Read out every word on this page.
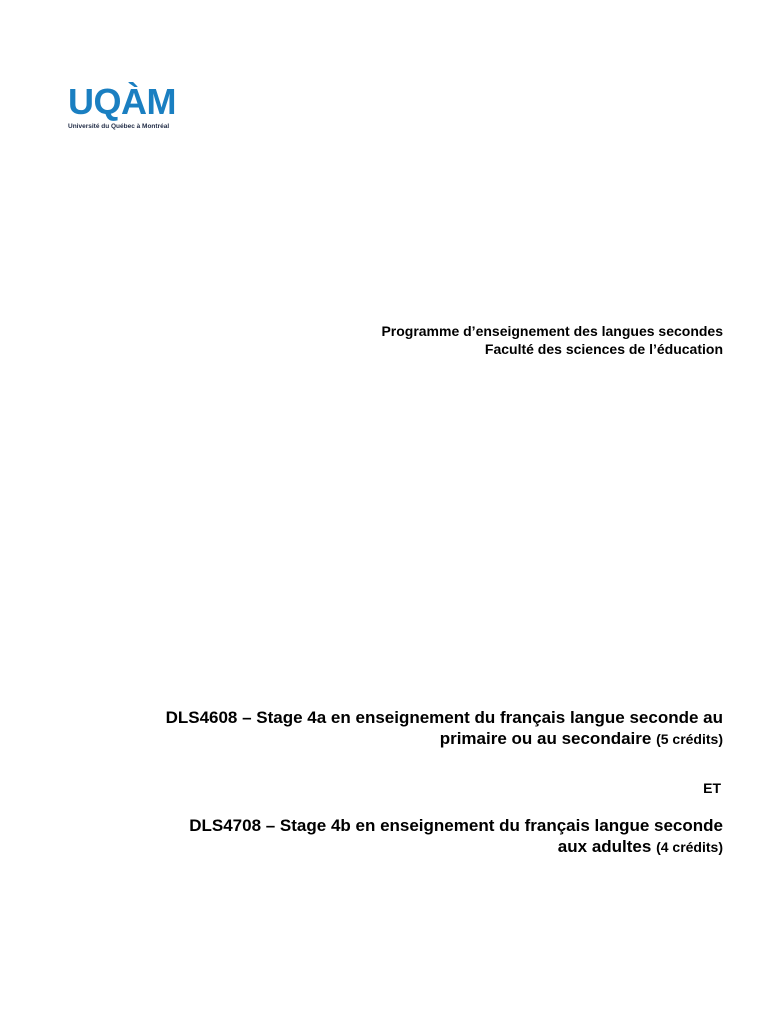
UQÀM
Université du Québec à Montréal
Programme d’enseignement des langues secondes
Faculté des sciences de l’éducation
DLS4608 – Stage 4a en enseignement du français langue seconde au
primaire ou au secondaire (5 crédits)
ET
DLS4708 – Stage 4b en enseignement du français langue seconde
aux adultes (4 crédits)
